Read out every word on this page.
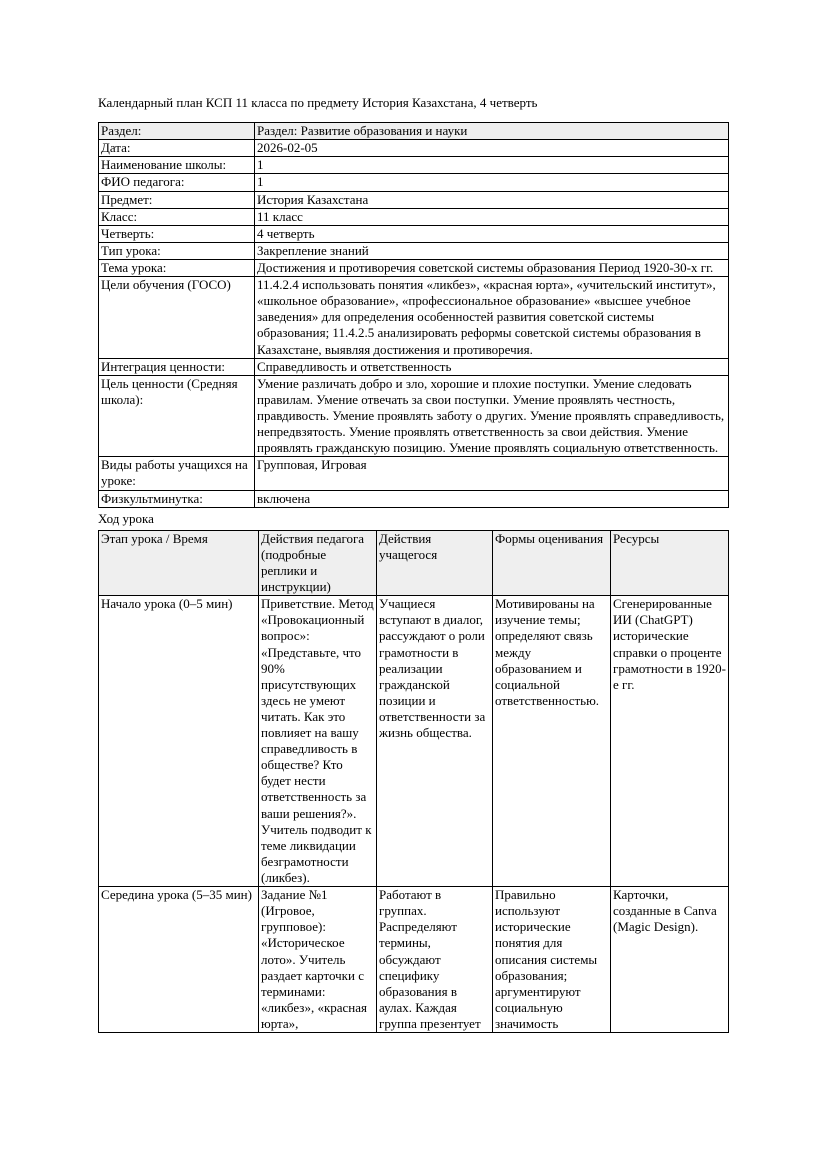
Календарный план КСП 11 класса по предмету История Казахстана, 4 четверть
Раздел:	Раздел: Развитие образования и науки
Дата:	2026-02-05
Наименование школы:	1
ФИО педагога:	1
Предмет:	История Казахстана
Класс:	11 класс
Четверть:	4 четверть
Тип урока:	Закрепление знаний
Тема урока:	Достижения и противоречия советской системы образования Период 1920-30-х гг.
Цели обучения (ГОСО)	11.4.2.4 использовать понятия «ликбез», «красная юрта», «учительский институт», «школьное образование», «профессиональное образование» «высшее учебное заведения» для определения особенностей развития советской системы образования; 11.4.2.5 анализировать реформы советской системы образования в Казахстане, выявляя достижения и противоречия.
Интеграция ценности:	Справедливость и ответственность
Цель ценности (Средняя школа):	Умение различать добро и зло, хорошие и плохие поступки. Умение следовать правилам. Умение отвечать за свои поступки. Умение проявлять честность, правдивость. Умение проявлять заботу о других. Умение проявлять справедливость, непредвзятость. Умение проявлять ответственность за свои действия. Умение проявлять гражданскую позицию. Умение проявлять социальную ответственность.
Виды работы учащихся на уроке:	Групповая, Игровая
Физкультминутка:	включена
Ход урока
Этап урока / Время	Действия педагога (подробные реплики и инструкции)	Действия учащегося	Формы оценивания	Ресурсы
Начало урока (0–5 мин)	Приветствие. Метод «Провокационный вопрос»: «Представьте, что 90% присутствующих здесь не умеют читать. Как это повлияет на вашу справедливость в обществе? Кто будет нести ответственность за ваши решения?». Учитель подводит к теме ликвидации безграмотности (ликбез).	Учащиеся вступают в диалог, рассуждают о роли грамотности в реализации гражданской позиции и ответственности за жизнь общества.	Мотивированы на изучение темы; определяют связь между образованием и социальной ответственностью.	Сгенерированные ИИ (ChatGPT) исторические справки о проценте грамотности в 1920-е гг.
Середина урока (5–35 мин)	Задание №1 (Игровое, групповое): «Историческое лото». Учитель раздает карточки с терминами: «ликбез», «красная юрта»,	Работают в группах. Распределяют термины, обсуждают специфику образования в аулах. Каждая группа презентует	Правильно используют исторические понятия для описания системы образования; аргументируют социальную значимость	Карточки, созданные в Canva (Magic Design).
